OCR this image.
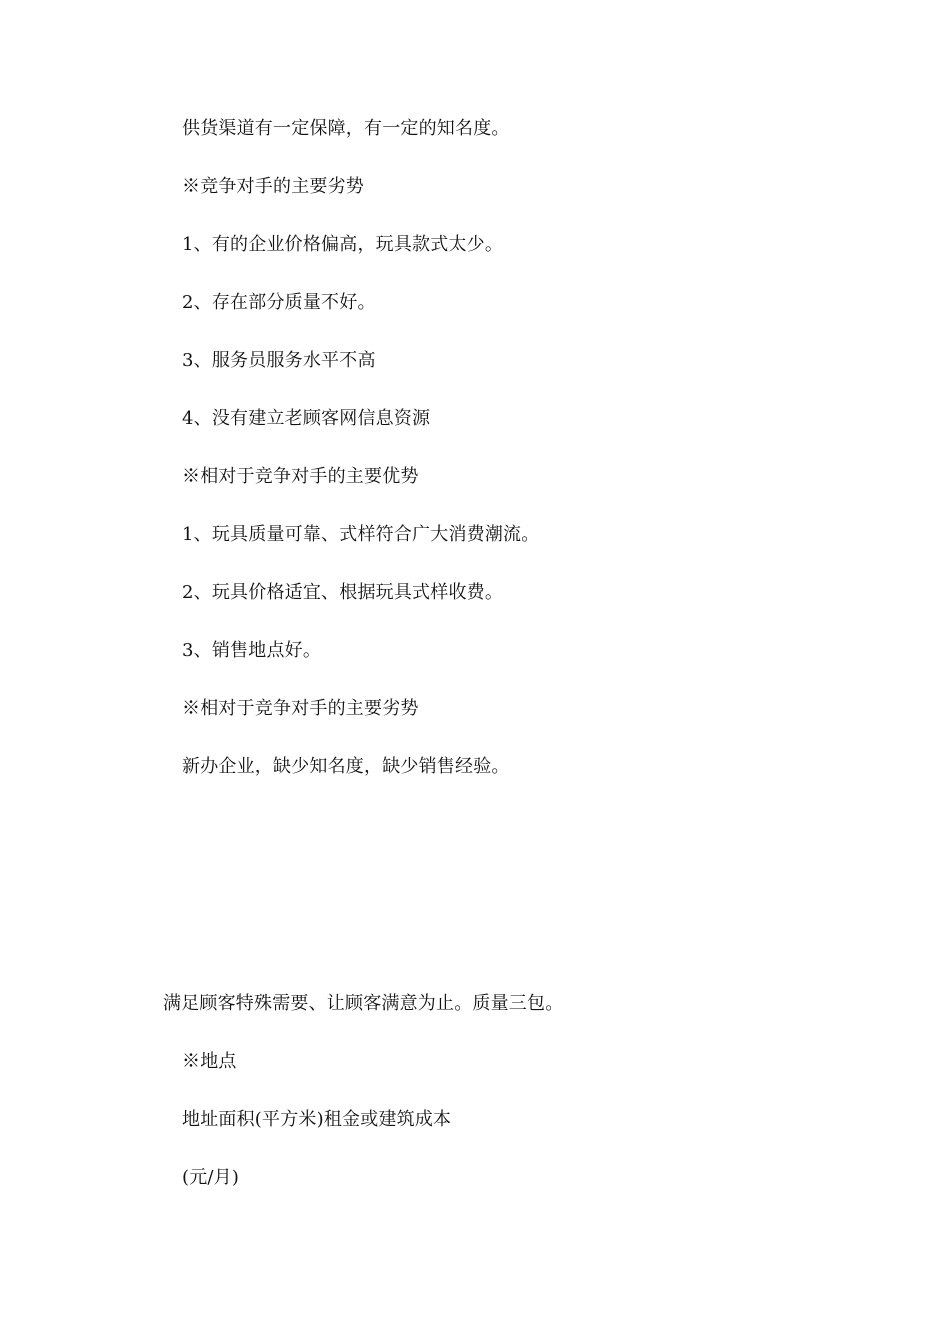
供货渠道有一定保障，有一定的知名度。
※竞争对手的主要劣势
1、有的企业价格偏高，玩具款式太少。
2、存在部分质量不好。
3、服务员服务水平不高
4、没有建立老顾客网信息资源
※相对于竞争对手的主要优势
1、玩具质量可靠、式样符合广大消费潮流。
2、玩具价格适宜、根据玩具式样收费。
3、销售地点好。
※相对于竞争对手的主要劣势
新办企业，缺少知名度，缺少销售经验。
满足顾客特殊需要、让顾客满意为止。质量三包。
※地点
地址面积(平方米)租金或建筑成本
(元/月)
